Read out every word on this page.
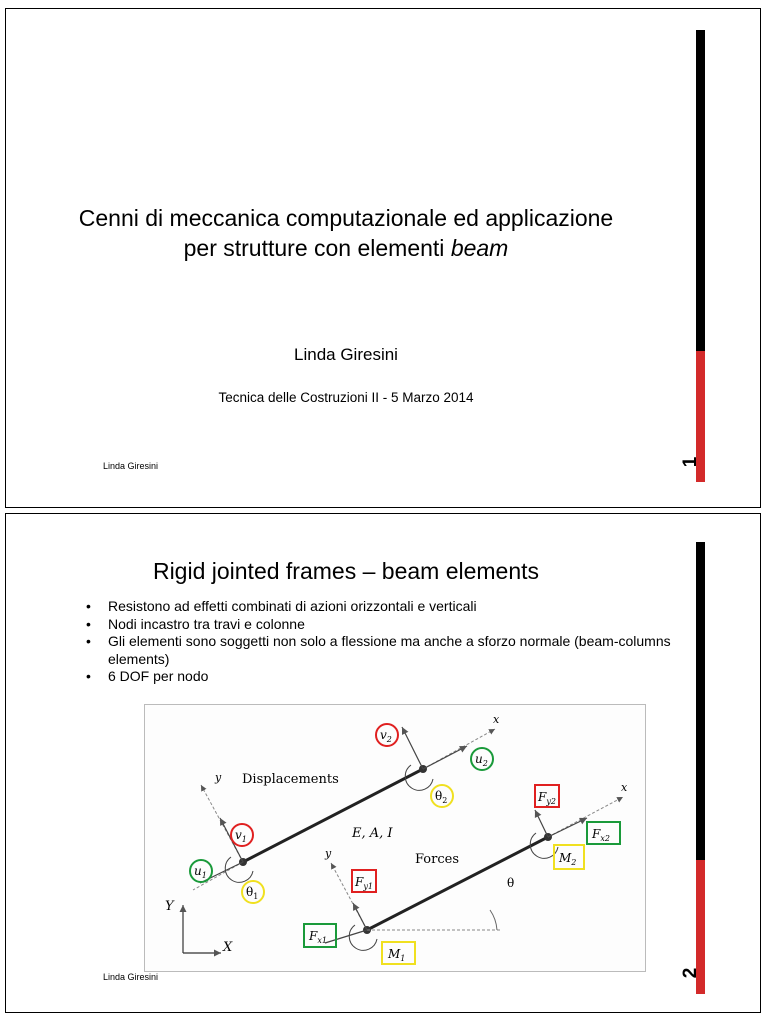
Cenni di meccanica computazionale ed applicazione
per strutture con elementi beam
Linda Giresini
Tecnica delle Costruzioni II - 5 Marzo 2014
Linda Giresini	1
Rigid jointed frames – beam elements
• Resistono ad effetti combinati di azioni orizzontali e verticali
• Nodi incastro tra travi e colonne
• Gli elementi sono soggetti non solo a flessione ma anche a sforzo normale (beam-columns elements)
• 6 DOF per nodo
Y
X
y
x
Displacements
E, A, I
$u_1$
$v_1$
$\theta_1$
$v_2$
$u_2$
$\theta_2$
θ
y
x
Forces
$F_{y1}$
$F_{x1}$
$M_1$
$F_{y2}$
$F_{x2}$
$M_2$
Linda Giresini	2
